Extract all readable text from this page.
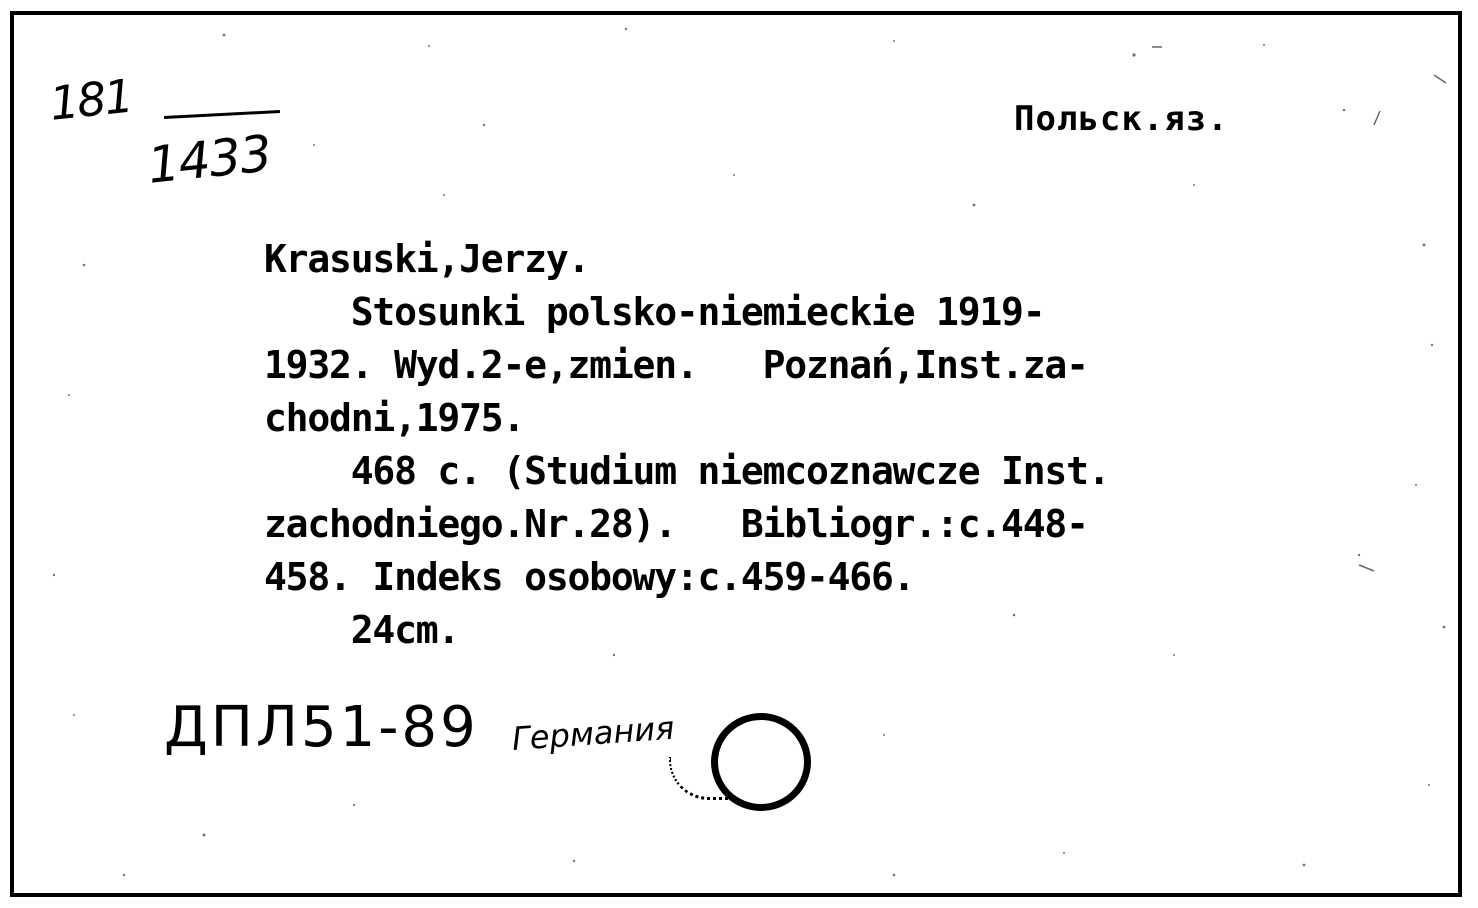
181
1433
Польск.яз.
Krasuski,Jerzy.
Stosunki polsko-niemieckie 1919-
1932. Wyd.2-e,zmien.   Poznań,Inst.za-
chodni,1975.
468 c. (Studium niemcoznawcze Inst.
zachodniego.Nr.28).   Bibliogr.:c.448-
458. Indeks osobowy:c.459-466.
24cm.
ДПЛ51-89 Германия
